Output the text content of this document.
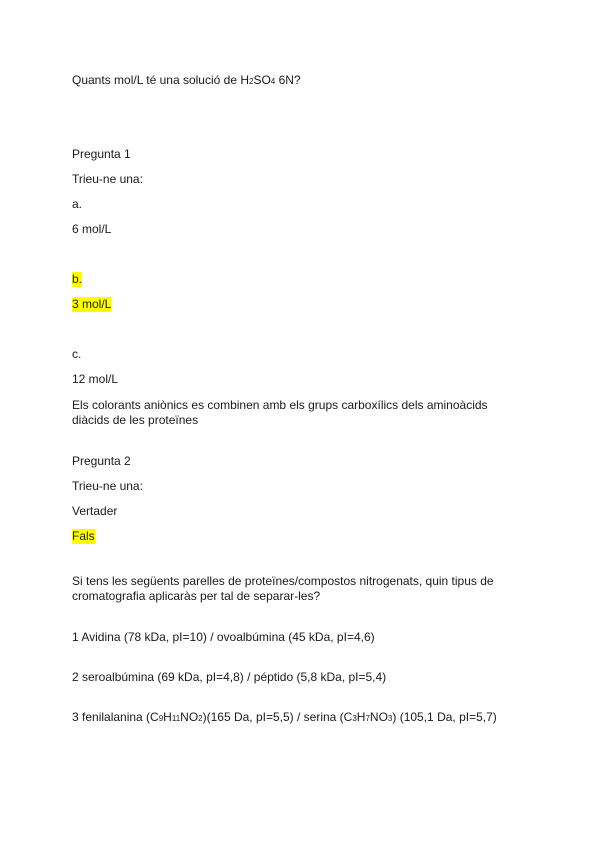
Quants mol/L té una solució de H2SO4 6N?
Pregunta 1
Trieu-ne una:
a.
6 mol/L
b.
3 mol/L
c.
12 mol/L
Els colorants aniònics es combinen amb els grups carboxílics dels aminoàcids diàcids de les proteïnes
Pregunta 2
Trieu-ne una:
Vertader
Fals
Si tens les següents parelles de proteïnes/compostos nitrogenats, quin tipus de cromatografia aplicaràs per tal de separar-les?
1 Avidina (78 kDa, pI=10) / ovoalbúmina (45 kDa, pI=4,6)
2 seroalbúmina (69 kDa, pI=4,8) / péptido (5,8 kDa, pI=5,4)
3 fenilalanina (C9H11NO2)(165 Da, pI=5,5) / serina (C3H7NO3) (105,1 Da, pI=5,7)
